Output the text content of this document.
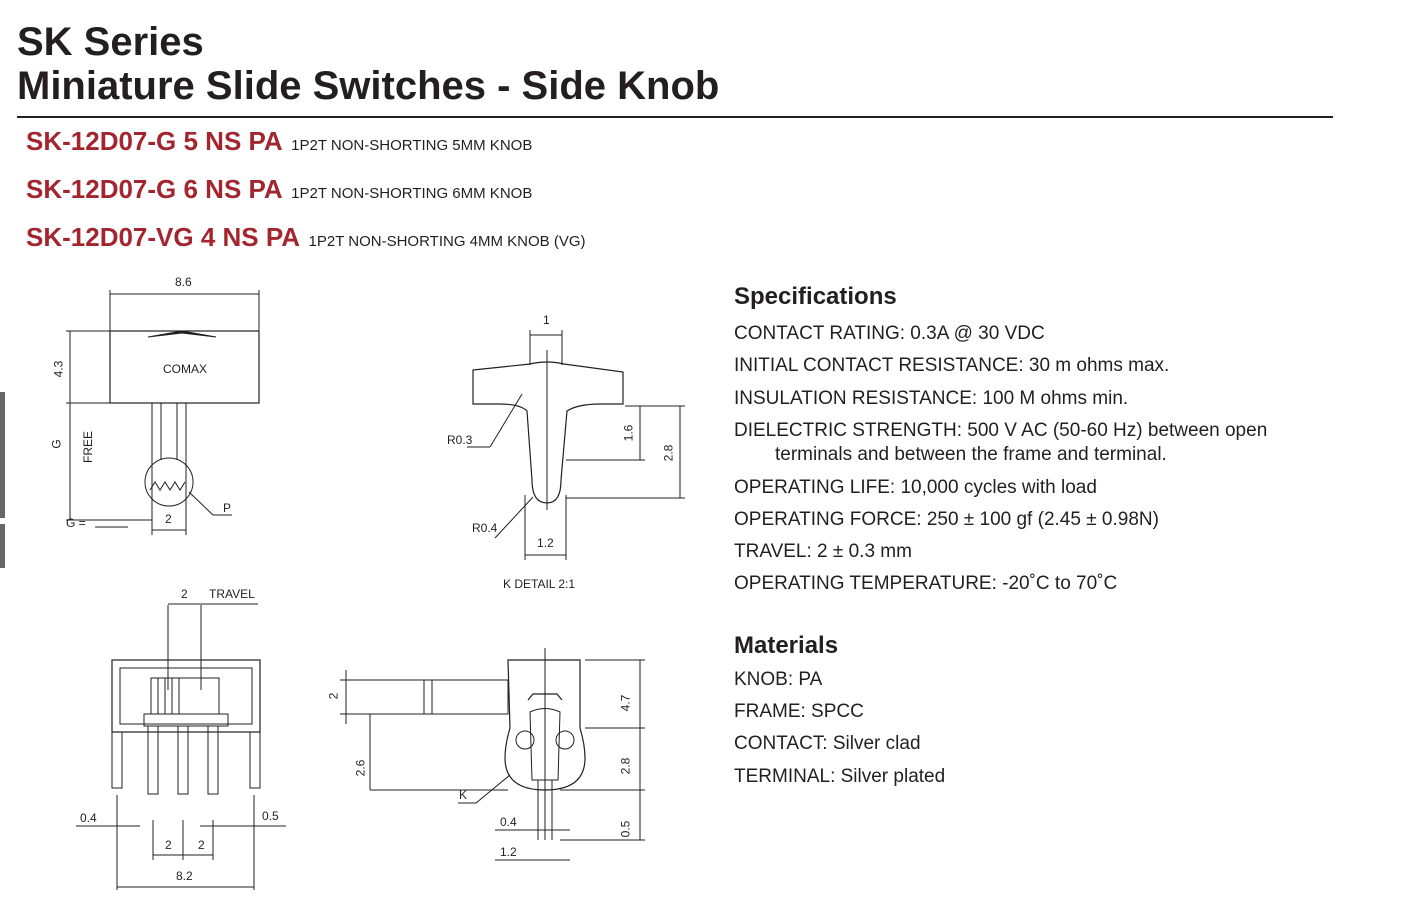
SK Series
Miniature Slide Switches - Side Knob
SK-12D07-G 5 NS PA 1P2T NON-SHORTING 5MM KNOB
SK-12D07-G 6 NS PA 1P2T NON-SHORTING 6MM KNOB
SK-12D07-VG 4 NS PA 1P2T NON-SHORTING 4MM KNOB (VG)
Specifications
CONTACT RATING: 0.3A @ 30 VDC
INITIAL CONTACT RESISTANCE: 30 m ohms max.
INSULATION RESISTANCE: 100 M ohms min.
DIELECTRIC STRENGTH: 500 V AC (50-60 Hz) between open
terminals and between the frame and terminal.
OPERATING LIFE: 10,000 cycles with load
OPERATING FORCE: 250 ± 100 gf (2.45 ± 0.98N)
TRAVEL: 2 ± 0.3 mm
OPERATING TEMPERATURE: -20˚C to 70˚C
Materials
KNOB: PA
FRAME: SPCC
CONTACT: Silver clad
TERMINAL: Silver plated
8.6
4.3	COMAX
G FREE
2
P
G =
1
R0.3	1.6
2.8
R0.4
1.2
K DETAIL 2:1
2 TRAVEL
0.4	0.5
2 2
8.2
2	4.7
2.6	2.8
K
0.4
1.2
0.5
